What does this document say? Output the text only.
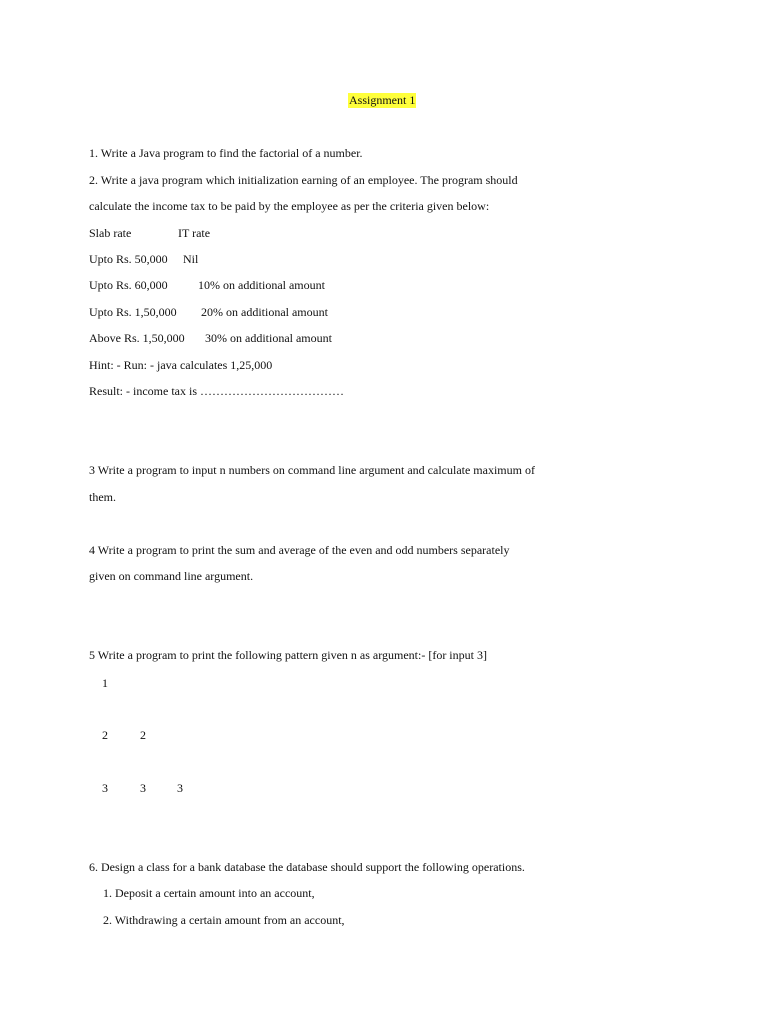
Assignment 1
1. Write a Java program to find the factorial of a number.
2. Write a java program which initialization earning of an employee. The program should
calculate the income tax to be paid by the employee as per the criteria given below:
Slab rate	IT rate
Upto Rs. 50,000 Nil
Upto Rs. 60,000	10% on additional amount
Upto Rs. 1,50,000 20% on additional amount
Above Rs. 1,50,000 30% on additional amount
Hint: - Run: - java calculates 1,25,000
Result: - income tax is ………………………………
3 Write a program to input n numbers on command line argument and calculate maximum of
them.
4 Write a program to print the sum and average of the even and odd numbers separately
given on command line argument.
5 Write a program to print the following pattern given n as argument:- [for input 3]
1
2	2
3	3	3
6. Design a class for a bank database the database should support the following operations.
1. Deposit a certain amount into an account,
2. Withdrawing a certain amount from an account,
